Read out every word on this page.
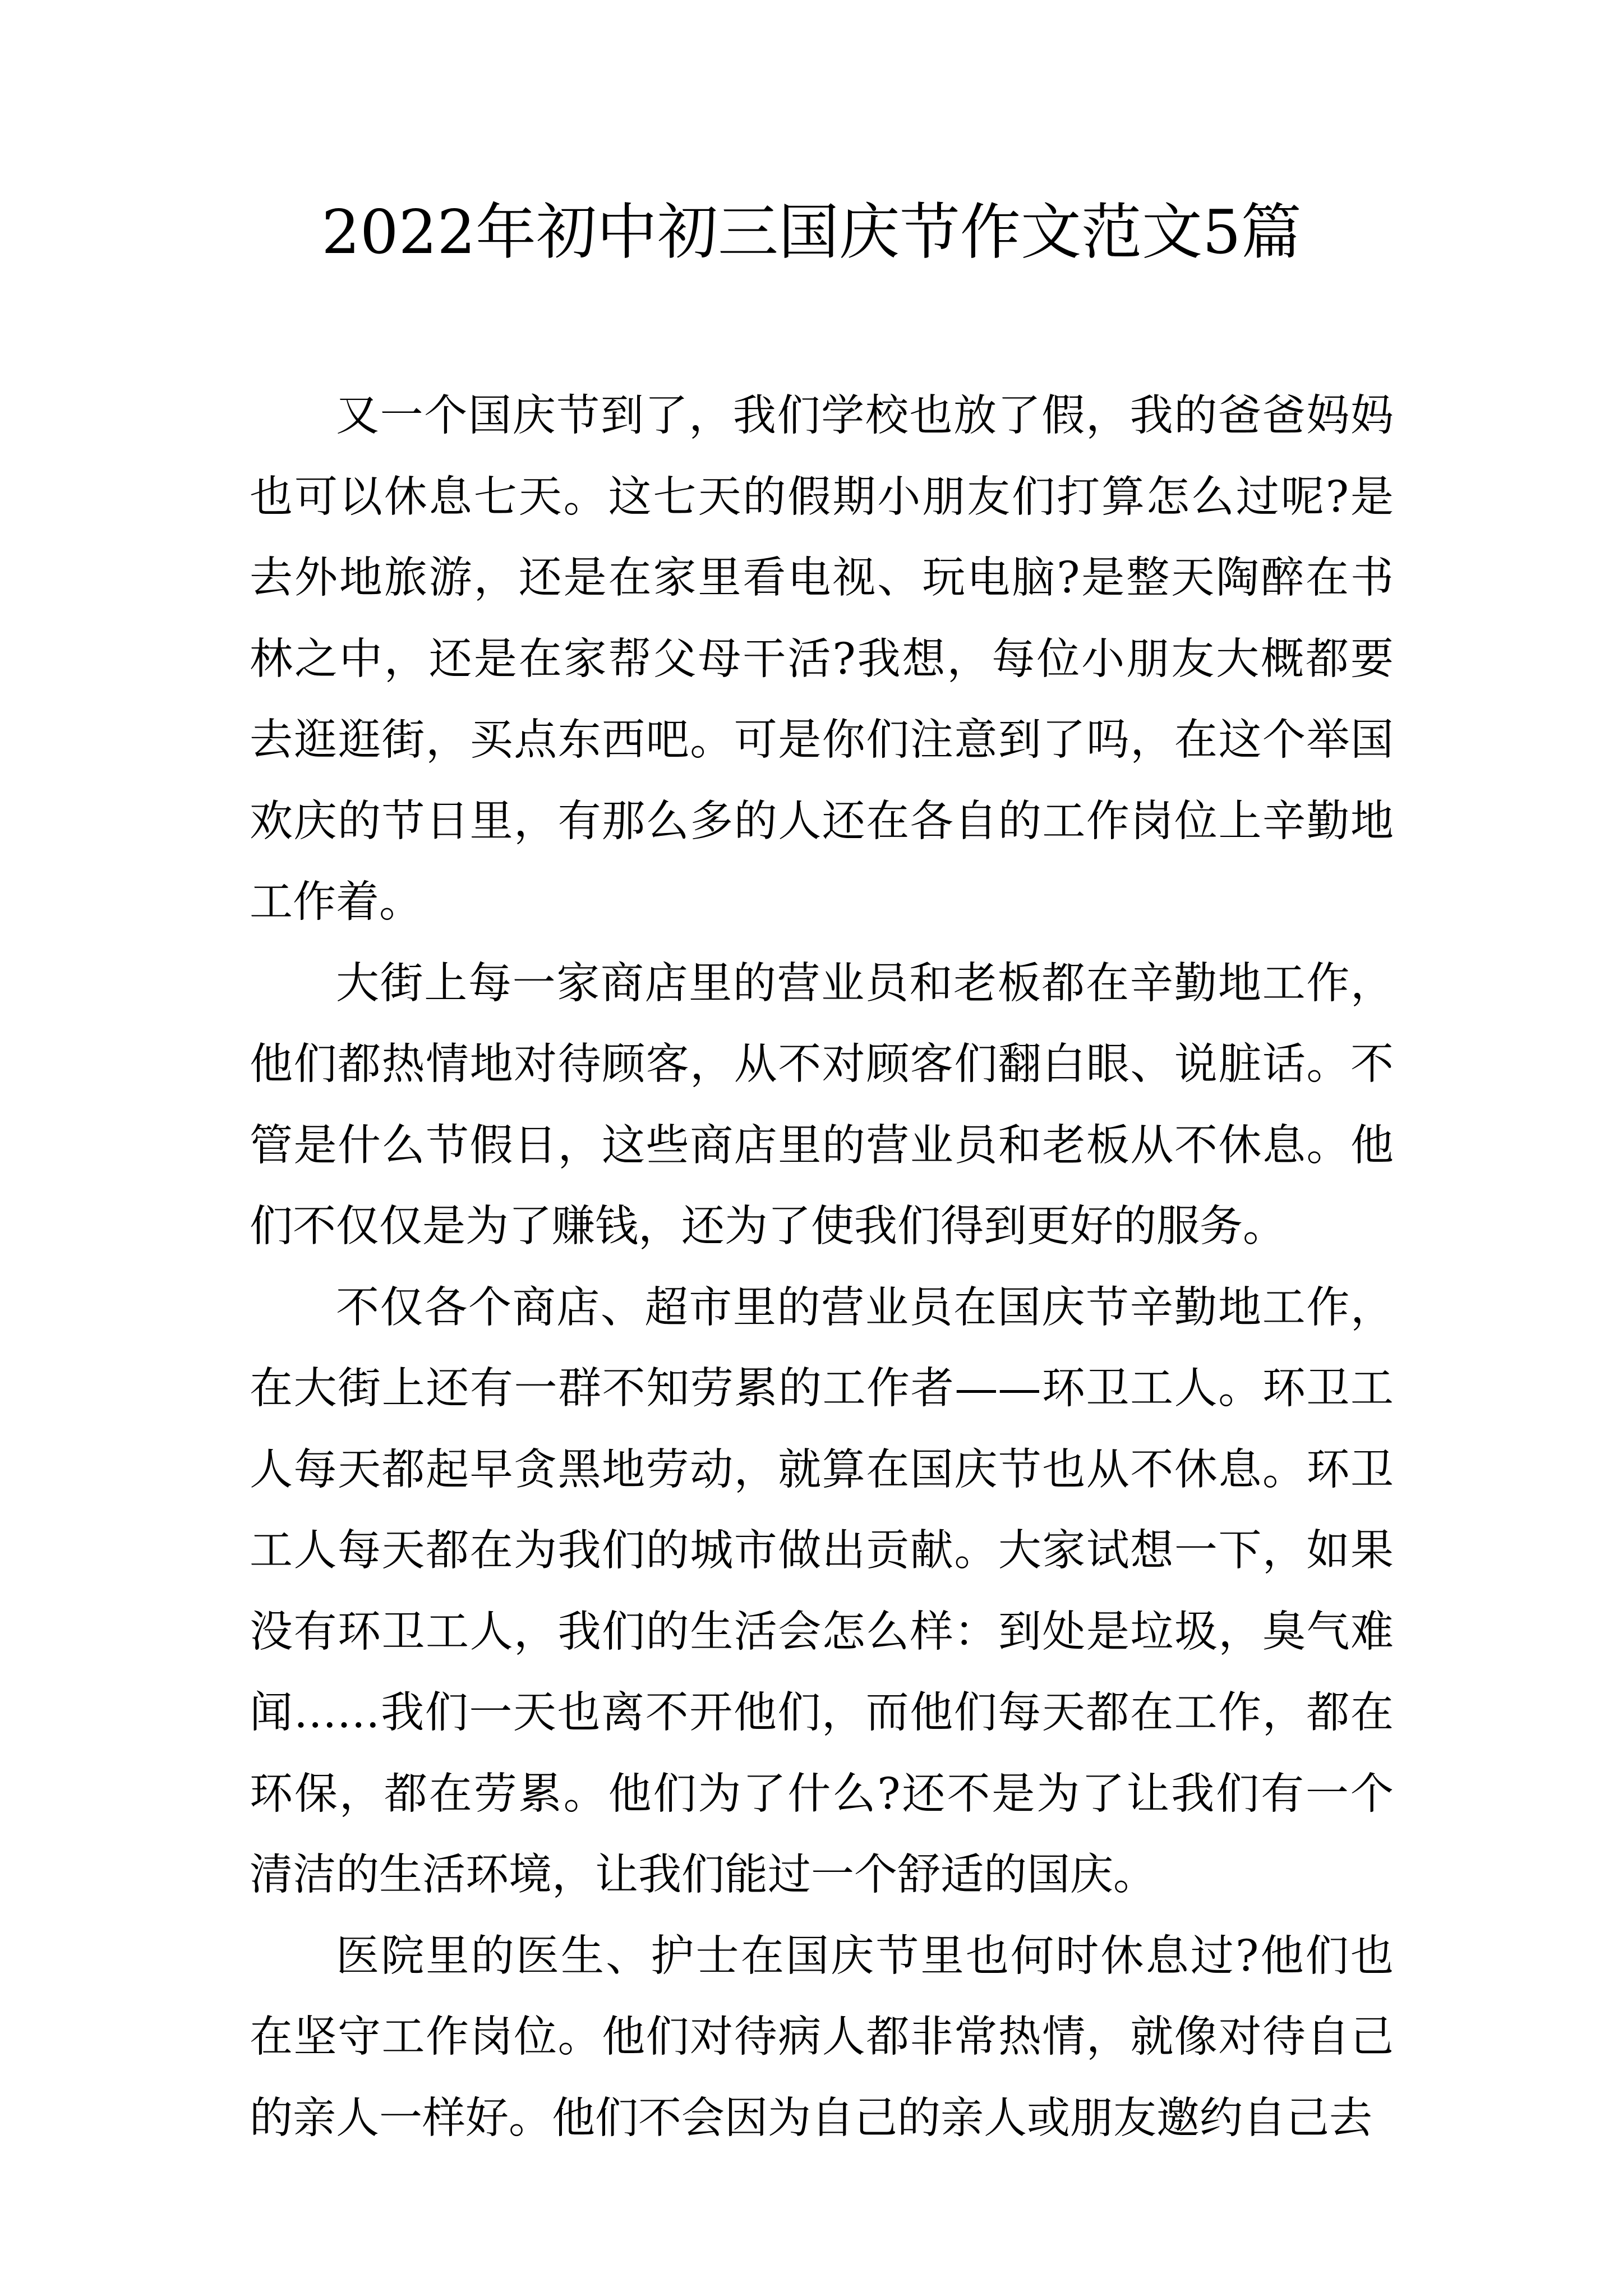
2022年初中初三国庆节作文范文5篇

又一个国庆节到了，我们学校也放了假，我的爸爸妈妈也可以休息七天。这七天的假期小朋友们打算怎么过呢?是去外地旅游，还是在家里看电视、玩电脑?是整天陶醉在书林之中，还是在家帮父母干活?我想，每位小朋友大概都要去逛逛街，买点东西吧。可是你们注意到了吗，在这个举国欢庆的节日里，有那么多的人还在各自的工作岗位上辛勤地工作着。

大街上每一家商店里的营业员和老板都在辛勤地工作，他们都热情地对待顾客，从不对顾客们翻白眼、说脏话。不管是什么节假日，这些商店里的营业员和老板从不休息。他们不仅仅是为了赚钱，还为了使我们得到更好的服务。

不仅各个商店、超市里的营业员在国庆节辛勤地工作，在大街上还有一群不知劳累的工作者——环卫工人。环卫工人每天都起早贪黑地劳动，就算在国庆节也从不休息。环卫工人每天都在为我们的城市做出贡献。大家试想一下，如果没有环卫工人，我们的生活会怎么样：到处是垃圾，臭气难闻……我们一天也离不开他们，而他们每天都在工作，都在环保，都在劳累。他们为了什么?还不是为了让我们有一个清洁的生活环境，让我们能过一个舒适的国庆。

医院里的医生、护士在国庆节里也何时休息过?他们也在坚守工作岗位。他们对待病人都非常热情，就像对待自己的亲人一样好。他们不会因为自己的亲人或朋友邀约自己去
